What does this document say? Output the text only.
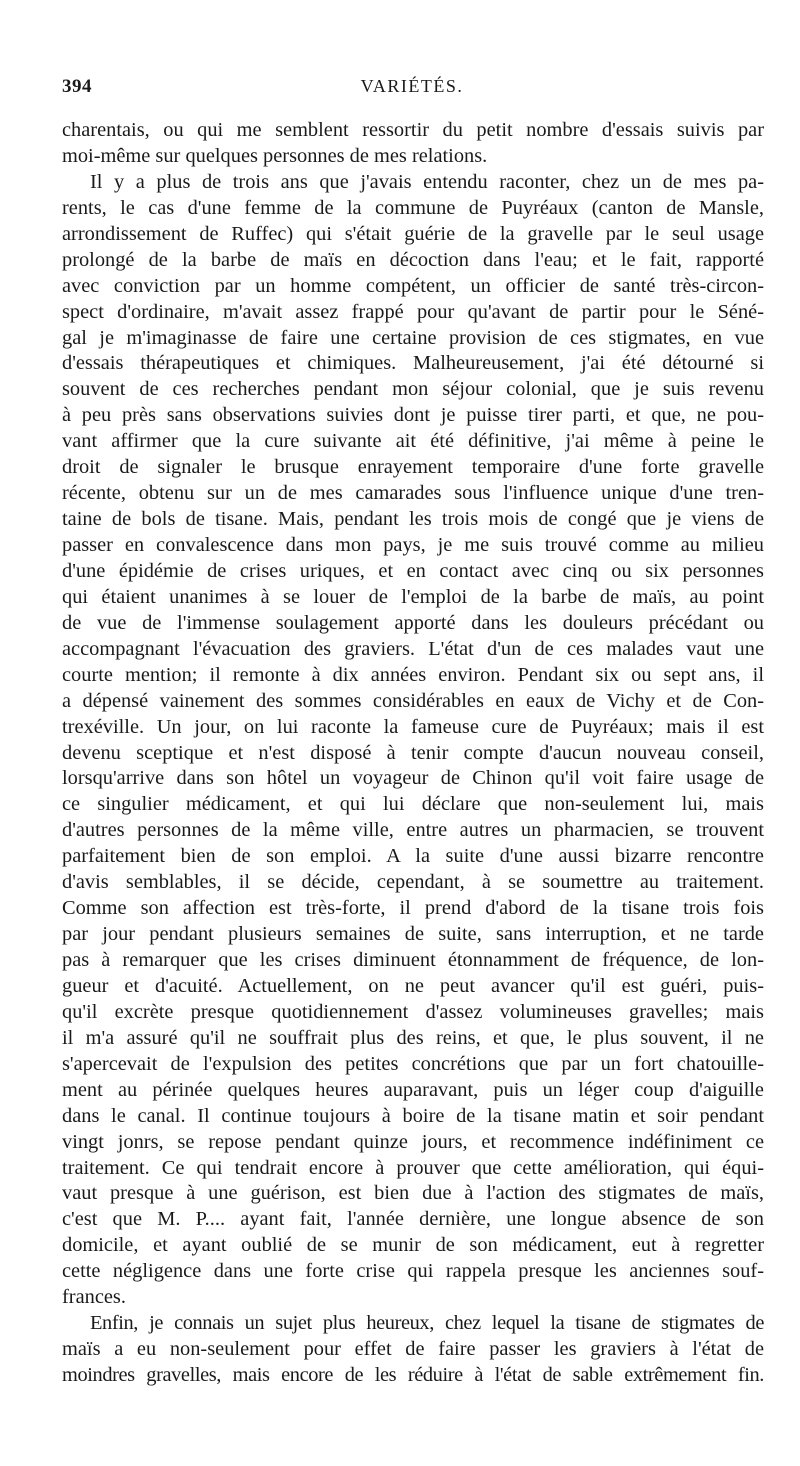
394	VARIÉTÉS.

charentais, ou qui me semblent ressortir du petit nombre d'essais suivis par
moi-même sur quelques personnes de mes relations.

Il y a plus de trois ans que j'avais entendu raconter, chez un de mes pa-
rents, le cas d'une femme de la commune de Puyréaux (canton de Mansle,
arrondissement de Ruffec) qui s'était guérie de la gravelle par le seul usage
prolongé de la barbe de maïs en décoction dans l'eau; et le fait, rapporté
avec conviction par un homme compétent, un officier de santé très-circon-
spect d'ordinaire, m'avait assez frappé pour qu'avant de partir pour le Séné-
gal je m'imaginasse de faire une certaine provision de ces stigmates, en vue
d'essais thérapeutiques et chimiques. Malheureusement, j'ai été détourné si
souvent de ces recherches pendant mon séjour colonial, que je suis revenu
à peu près sans observations suivies dont je puisse tirer parti, et que, ne pou-
vant affirmer que la cure suivante ait été définitive, j'ai même à peine le
droit de signaler le brusque enrayement temporaire d'une forte gravelle
récente, obtenu sur un de mes camarades sous l'influence unique d'une tren-
taine de bols de tisane. Mais, pendant les trois mois de congé que je viens de
passer en convalescence dans mon pays, je me suis trouvé comme au milieu
d'une épidémie de crises uriques, et en contact avec cinq ou six personnes
qui étaient unanimes à se louer de l'emploi de la barbe de maïs, au point
de vue de l'immense soulagement apporté dans les douleurs précédant ou
accompagnant l'évacuation des graviers. L'état d'un de ces malades vaut une
courte mention; il remonte à dix années environ. Pendant six ou sept ans, il
a dépensé vainement des sommes considérables en eaux de Vichy et de Con-
trexéville. Un jour, on lui raconte la fameuse cure de Puyréaux; mais il est
devenu sceptique et n'est disposé à tenir compte d'aucun nouveau conseil,
lorsqu'arrive dans son hôtel un voyageur de Chinon qu'il voit faire usage de
ce singulier médicament, et qui lui déclare que non-seulement lui, mais
d'autres personnes de la même ville, entre autres un pharmacien, se trouvent
parfaitement bien de son emploi. A la suite d'une aussi bizarre rencontre
d'avis semblables, il se décide, cependant, à se soumettre au traitement.
Comme son affection est très-forte, il prend d'abord de la tisane trois fois
par jour pendant plusieurs semaines de suite, sans interruption, et ne tarde
pas à remarquer que les crises diminuent étonnamment de fréquence, de lon-
gueur et d'acuité. Actuellement, on ne peut avancer qu'il est guéri, puis-
qu'il excrète presque quotidiennement d'assez volumineuses gravelles; mais
il m'a assuré qu'il ne souffrait plus des reins, et que, le plus souvent, il ne
s'apercevait de l'expulsion des petites concrétions que par un fort chatouille-
ment au périnée quelques heures auparavant, puis un léger coup d'aiguille
dans le canal. Il continue toujours à boire de la tisane matin et soir pendant
vingt jonrs, se repose pendant quinze jours, et recommence indéfiniment ce
traitement. Ce qui tendrait encore à prouver que cette amélioration, qui équi-
vaut presque à une guérison, est bien due à l'action des stigmates de maïs,
c'est que M. P.... ayant fait, l'année dernière, une longue absence de son
domicile, et ayant oublié de se munir de son médicament, eut à regretter
cette négligence dans une forte crise qui rappela presque les anciennes souf-
frances.

Enfin, je connais un sujet plus heureux, chez lequel la tisane de stigmates de
maïs a eu non-seulement pour effet de faire passer les graviers à l'état de
moindres gravelles, mais encore de les réduire à l'état de sable extrêmement fin.
